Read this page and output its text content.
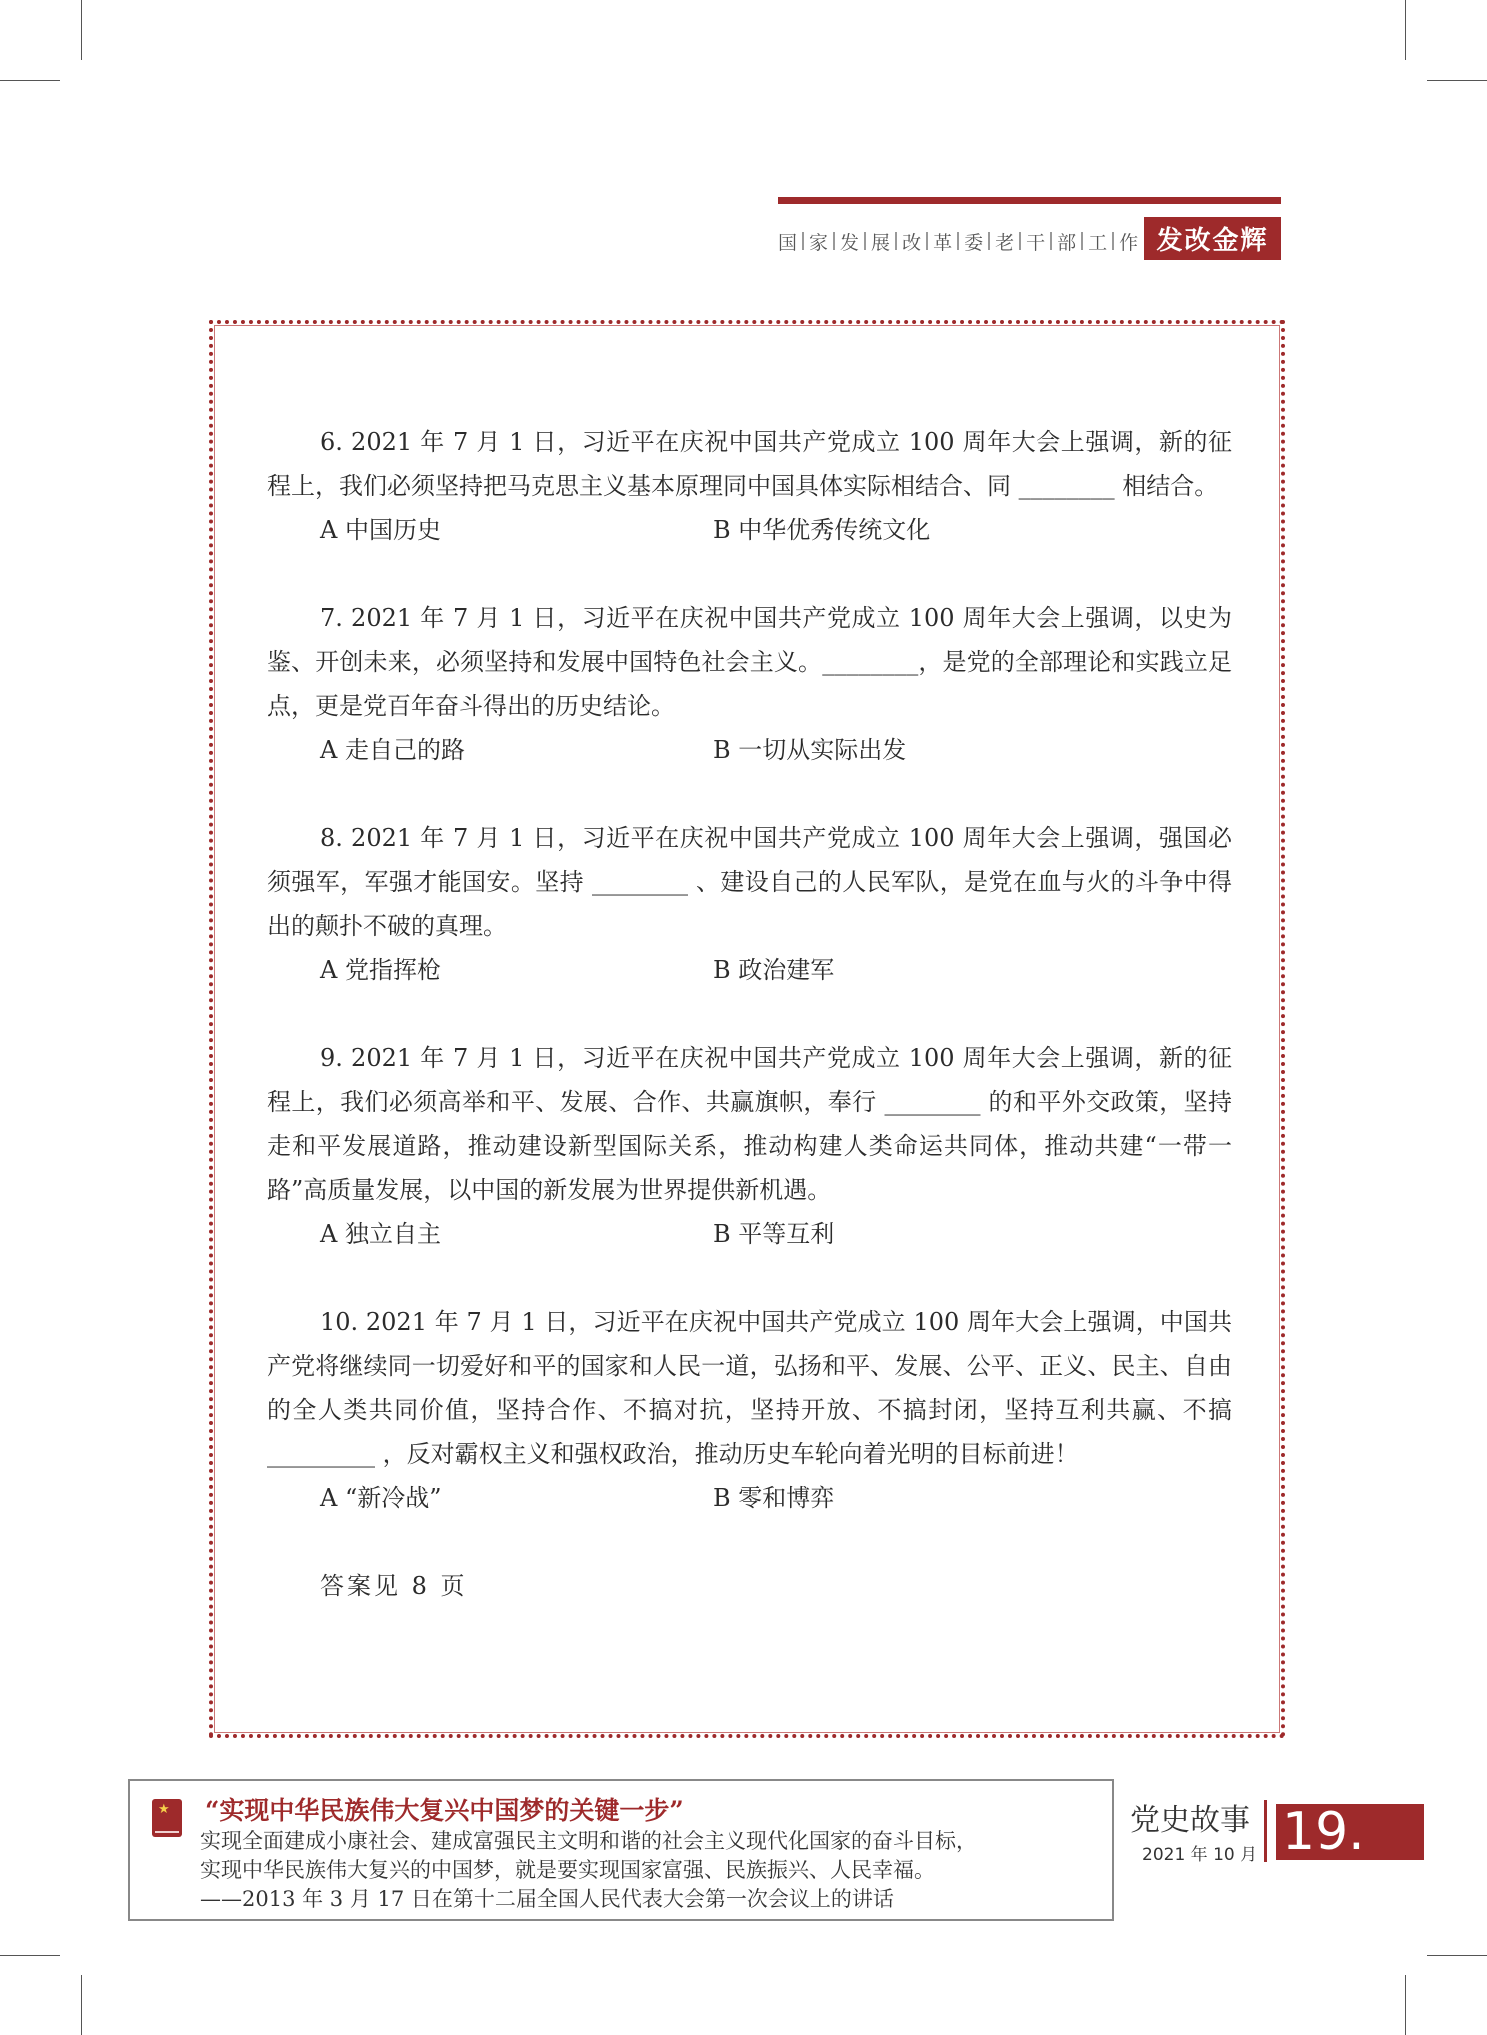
国 家 发 展 改 革 委 老 干 部 工 作 发改金辉

6. 2021 年 7 月 1 日，习近平在庆祝中国共产党成立 100 周年大会上强调，新的征程上，我们必须坚持把马克思主义基本原理同中国具体实际相结合、同 ________ 相结合。

A 中国历史	B 中华优秀传统文化

7. 2021 年 7 月 1 日，习近平在庆祝中国共产党成立 100 周年大会上强调，以史为鉴、开创未来，必须坚持和发展中国特色社会主义。________，是党的全部理论和实践立足点，更是党百年奋斗得出的历史结论。

A 走自己的路	B 一切从实际出发

8. 2021 年 7 月 1 日，习近平在庆祝中国共产党成立 100 周年大会上强调，强国必须强军，军强才能国安。坚持 ________ 、建设自己的人民军队，是党在血与火的斗争中得出的颠扑不破的真理。

A 党指挥枪	B 政治建军

9. 2021 年 7 月 1 日，习近平在庆祝中国共产党成立 100 周年大会上强调，新的征程上，我们必须高举和平、发展、合作、共赢旗帜，奉行 ________ 的和平外交政策，坚持走和平发展道路，推动建设新型国际关系，推动构建人类命运共同体，推动共建“一带一路”高质量发展，以中国的新发展为世界提供新机遇。

A 独立自主	B 平等互利

10. 2021 年 7 月 1 日，习近平在庆祝中国共产党成立 100 周年大会上强调，中国共产党将继续同一切爱好和平的国家和人民一道，弘扬和平、发展、公平、正义、民主、自由的全人类共同价值，坚持合作、不搞对抗，坚持开放、不搞封闭，坚持互利共赢、不搞 _________ ，反对霸权主义和强权政治，推动历史车轮向着光明的目标前进！

A “新冷战”	B 零和博弈
答案见 8 页
★
“实现中华民族伟大复兴中国梦的关键一步”
实现全面建成小康社会、建成富强民主文明和谐的社会主义现代化国家的奋斗目标，
实现中华民族伟大复兴的中国梦，就是要实现国家富强、民族振兴、人民幸福。
——2013 年 3 月 17 日在第十二届全国人民代表大会第一次会议上的讲话
党史故事
2021 年 10 月 19.
